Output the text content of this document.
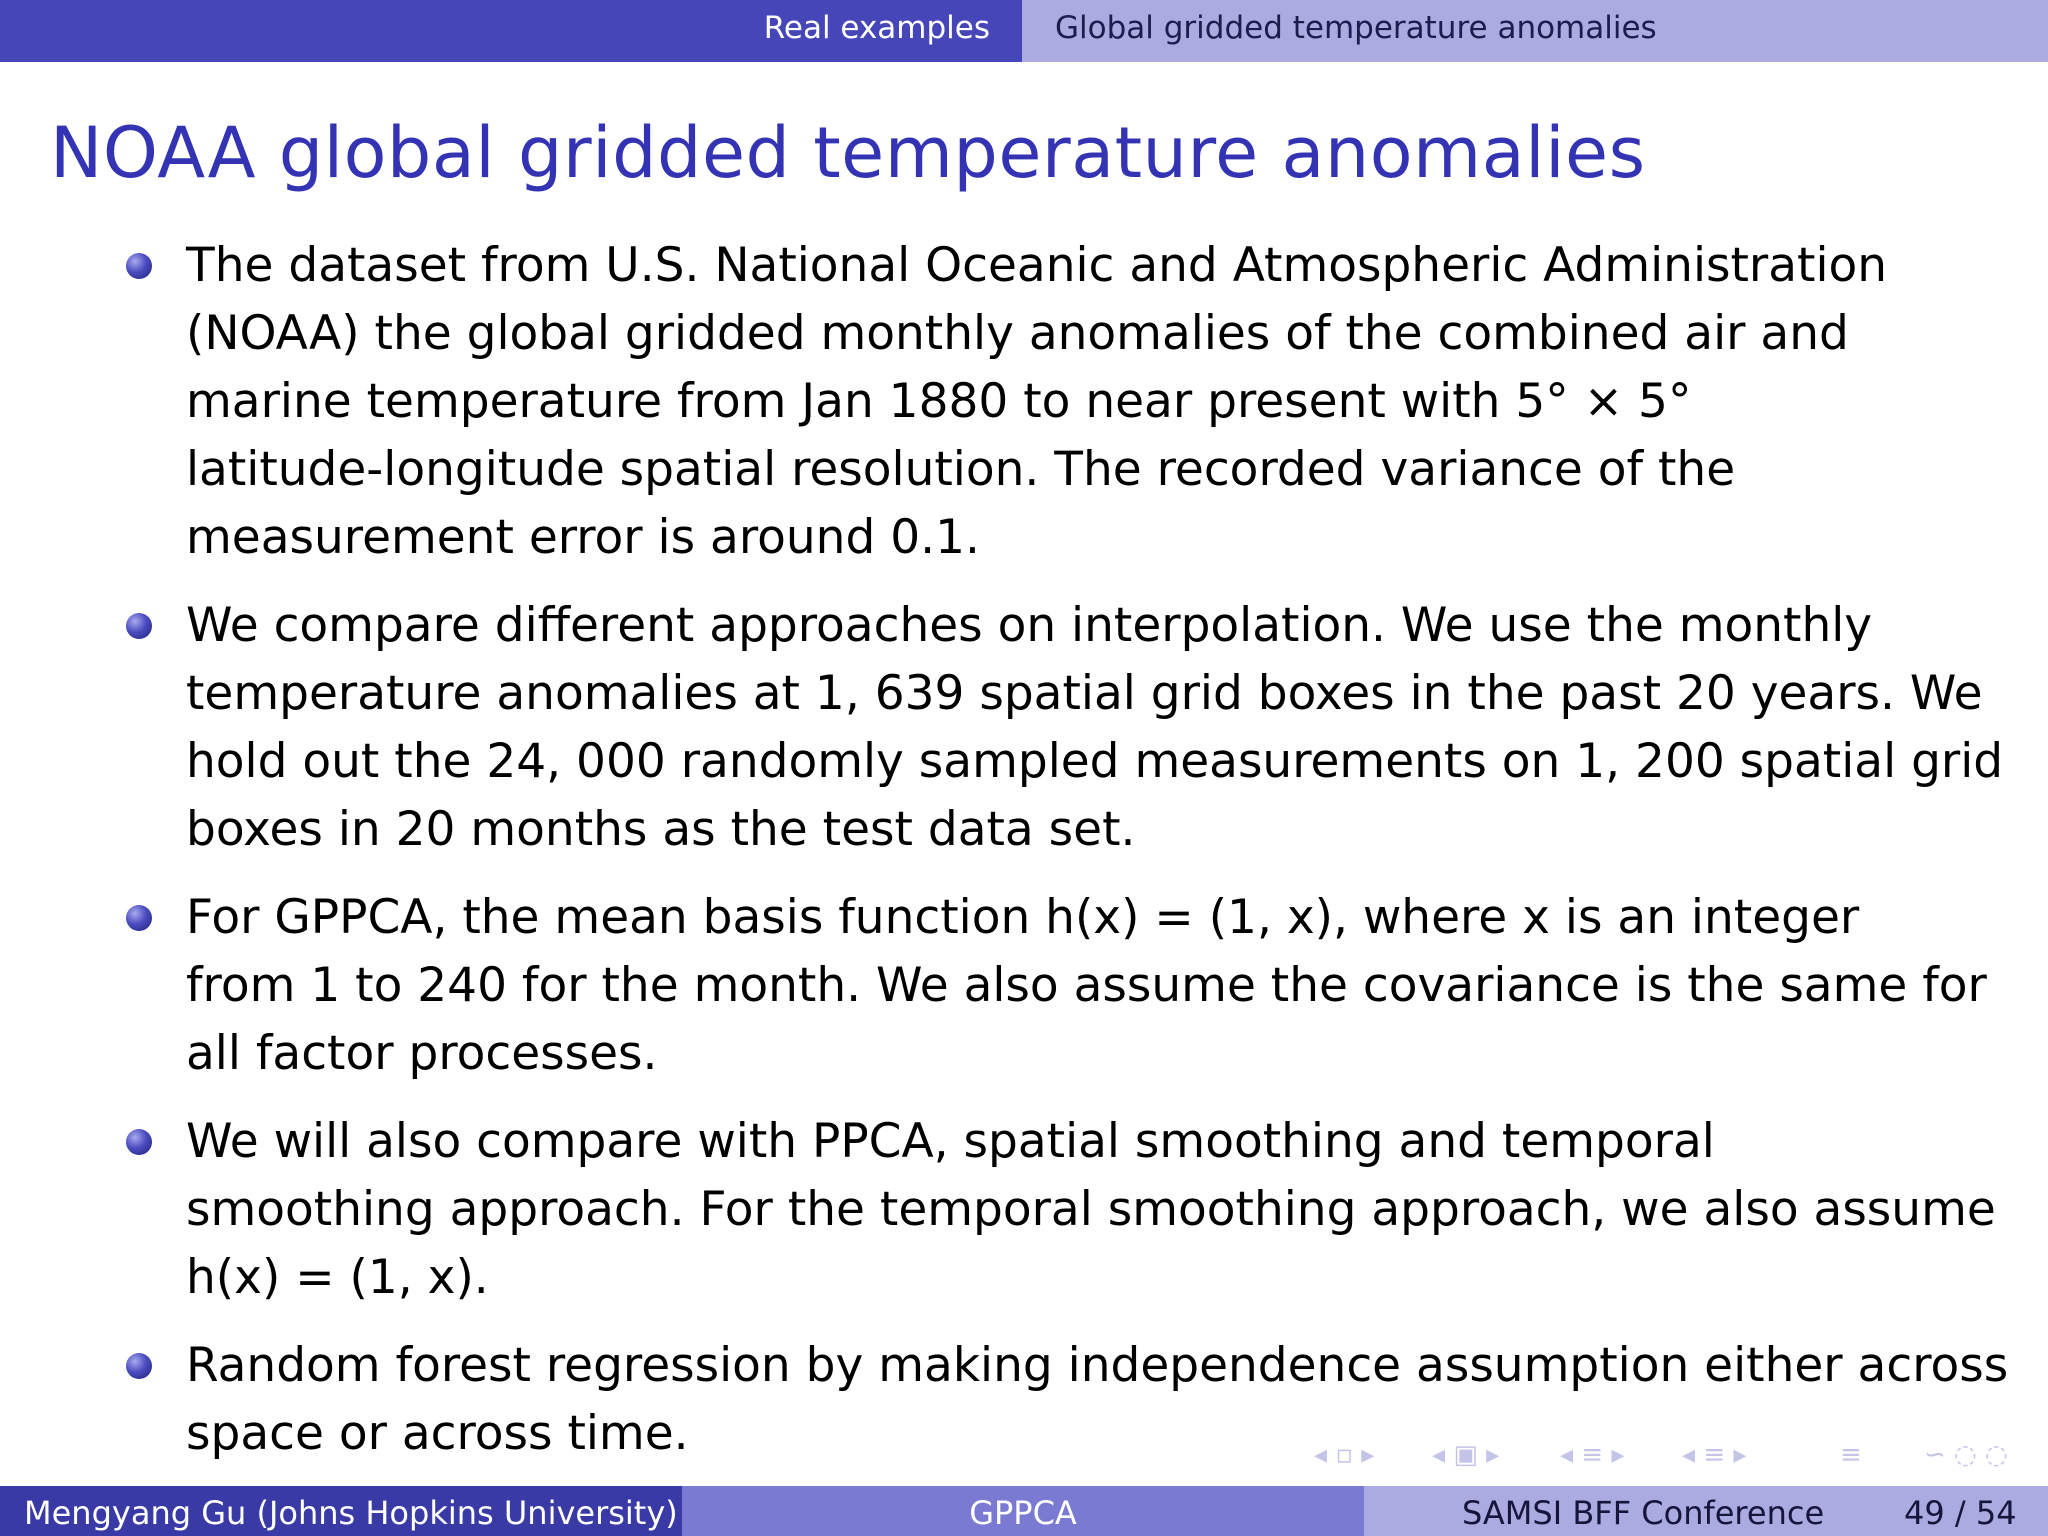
Real examples Global gridded temperature anomalies
NOAA global gridded temperature anomalies
The dataset from U.S. National Oceanic and Atmospheric Administration
(NOAA) the global gridded monthly anomalies of the combined air and
marine temperature from Jan 1880 to near present with 5° × 5°
latitude-longitude spatial resolution. The recorded variance of the
measurement error is around 0.1.
We compare different approaches on interpolation. We use the monthly
temperature anomalies at 1, 639 spatial grid boxes in the past 20 years. We
hold out the 24, 000 randomly sampled measurements on 1, 200 spatial grid
boxes in 20 months as the test data set.
For GPPCA, the mean basis function h(x) = (1, x), where x is an integer
from 1 to 240 for the month. We also assume the covariance is the same for
all factor processes.
We will also compare with PPCA, spatial smoothing and temporal
smoothing approach. For the temporal smoothing approach, we also assume
h(x) = (1, x).
Random forest regression by making independence assumption either across
space or across time.	◂ ▫ ▸ ◂ ▣ ▸ ◂ ≡ ▸ ◂ ≡ ▸	≡ ∽ ◌ ◌
Mengyang Gu (Johns Hopkins University)	GPPCA	SAMSI BFF Conference 49 / 54
